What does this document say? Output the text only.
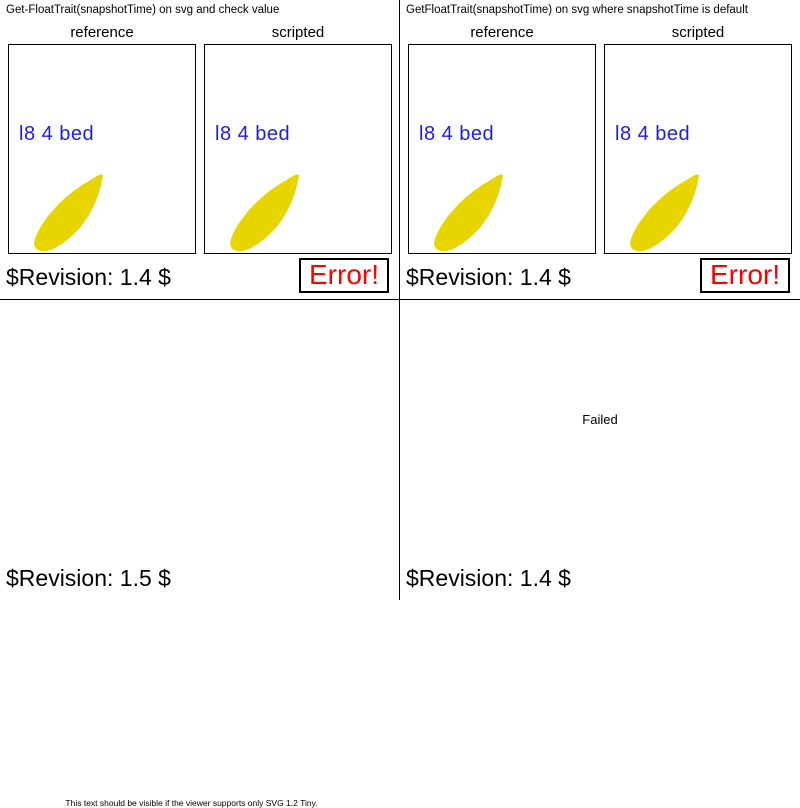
Get-FloatTrait(snapshotTime) on svg and check value
reference
l8 4 bed
scripted
l8 4 bed
$Revision: 1.4 $	Error!
GetFloatTrait(snapshotTime) on svg where snapshotTime is default
reference
l8 4 bed
scripted
l8 4 bed
$Revision: 1.4 $	Error!
This text should be visible if the viewer supports only SVG 1.2 Tiny.
$Revision: 1.5 $
Failed
$Revision: 1.4 $
